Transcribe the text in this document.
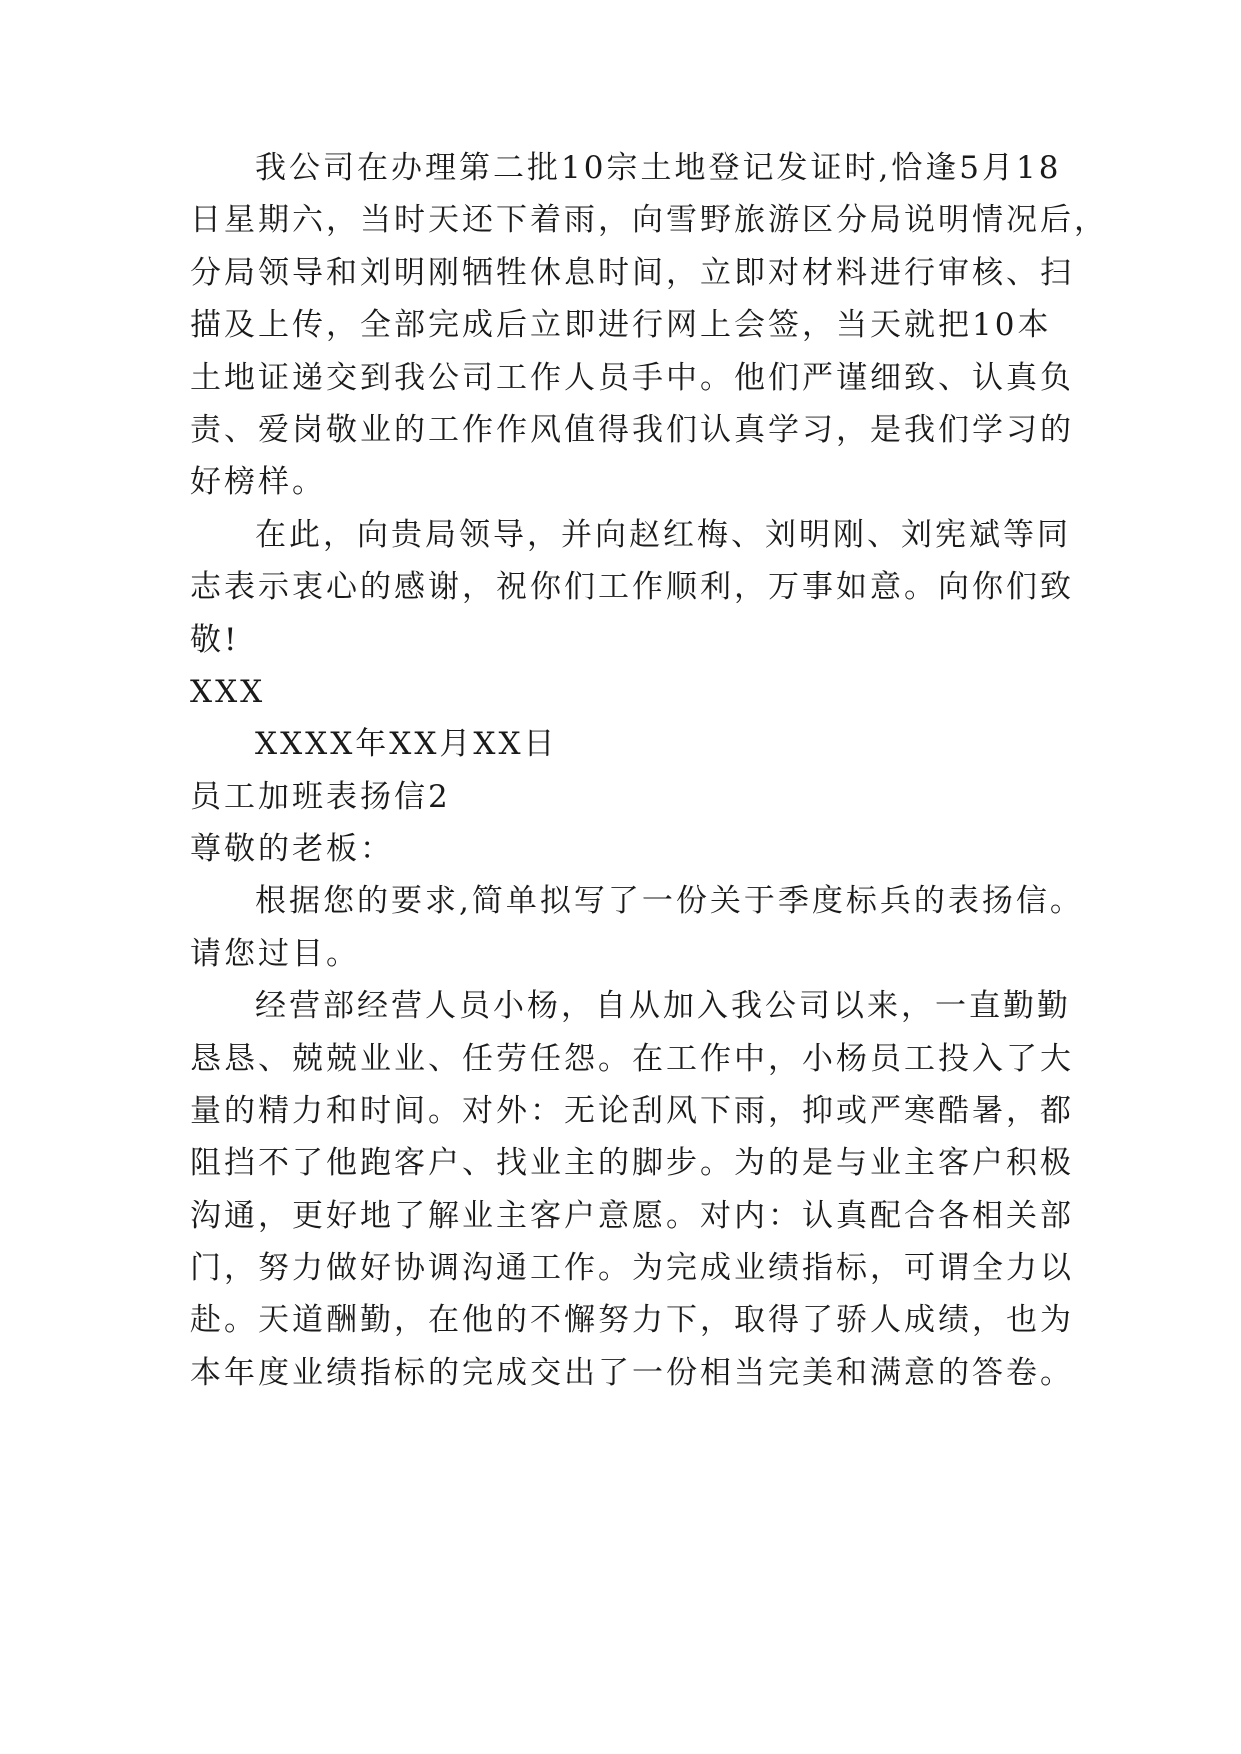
我公司在办理第二批10宗土地登记发证时,恰逢5月18
日星期六，当时天还下着雨，向雪野旅游区分局说明情况后，
分局领导和刘明刚牺牲休息时间，立即对材料进行审核、扫
描及上传，全部完成后立即进行网上会签，当天就把10本
土地证递交到我公司工作人员手中。他们严谨细致、认真负
责、爱岗敬业的工作作风值得我们认真学习，是我们学习的
好榜样。
在此，向贵局领导，并向赵红梅、刘明刚、刘宪斌等同
志表示衷心的感谢，祝你们工作顺利，万事如意。向你们致
敬!
XXX
XXXX年XX月XX日
员工加班表扬信2
尊敬的老板：
根据您的要求,简单拟写了一份关于季度标兵的表扬信。
请您过目。
经营部经营人员小杨，自从加入我公司以来，一直勤勤
恳恳、兢兢业业、任劳任怨。在工作中，小杨员工投入了大
量的精力和时间。对外：无论刮风下雨，抑或严寒酷暑，都
阻挡不了他跑客户、找业主的脚步。为的是与业主客户积极
沟通，更好地了解业主客户意愿。对内：认真配合各相关部
门，努力做好协调沟通工作。为完成业绩指标，可谓全力以
赴。天道酬勤，在他的不懈努力下，取得了骄人成绩，也为
本年度业绩指标的完成交出了一份相当完美和满意的答卷。
